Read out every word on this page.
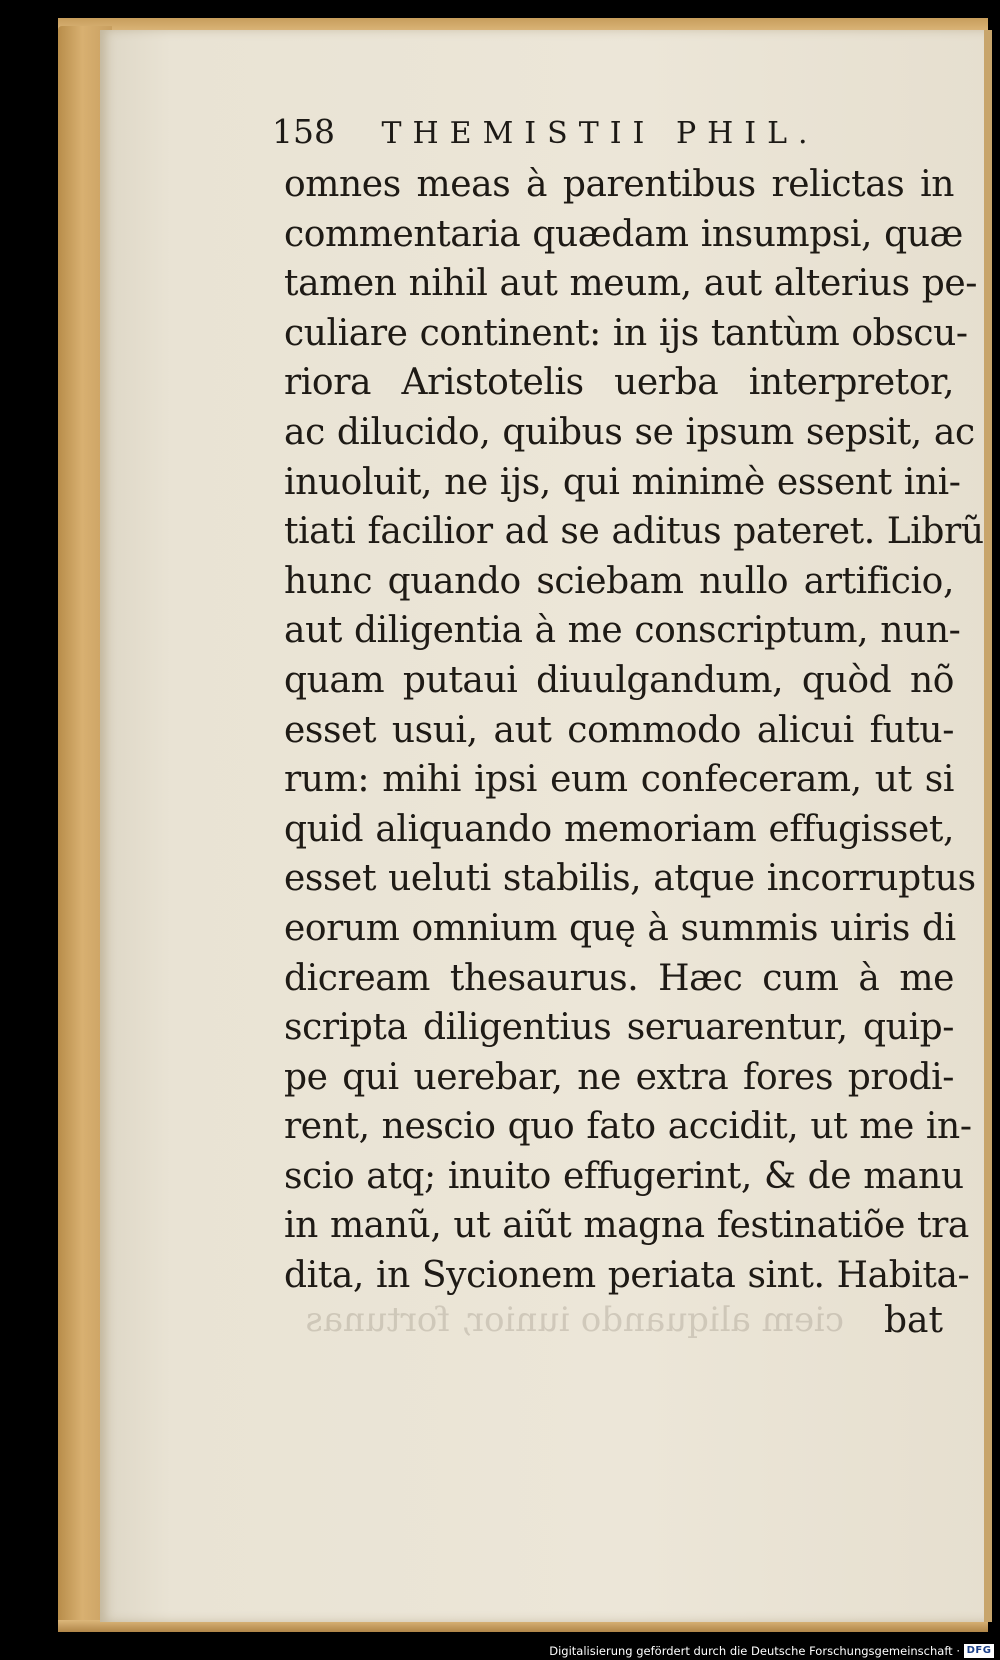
158 THEMISTII PHIL.
omnes meas à parentibus relictas in
commentaria quædam insumpsi, quæ
tamen nihil aut meum, aut alterius pe-
culiare continent: in ijs tantùm obscu-
riora Aristotelis uerba interpretor,
ac dilucido, quibus se ipsum sepsit, ac
inuoluit, ne ijs, qui minimè essent ini-
tiati facilior ad se aditus pateret. Librũ
hunc quando sciebam nullo artificio,
aut diligentia à me conscriptum, nun-
quam putaui diuulgandum, quòd nõ
esset usui, aut commodo alicui futu-
rum: mihi ipsi eum confeceram, ut si
quid aliquando memoriam effugisset,
esset ueluti stabilis, atque incorruptus
eorum omnium quę à summis uiris di
dicream thesaurus. Hæc cum à me
scripta diligentius seruarentur, quip-
pe qui uerebar, ne extra fores prodi-
rent, nescio quo fato accidit, ut me in-
scio atq; inuito effugerint, & de manu
in manũ, ut aiũt magna festinatiõe tra
dita, in Sycionem periata sint. Habita-
ciem aliquando iunior, fortunas bat
Digitalisierung gefördert durch die Deutsche Forschungsgemeinschaft · DFG
